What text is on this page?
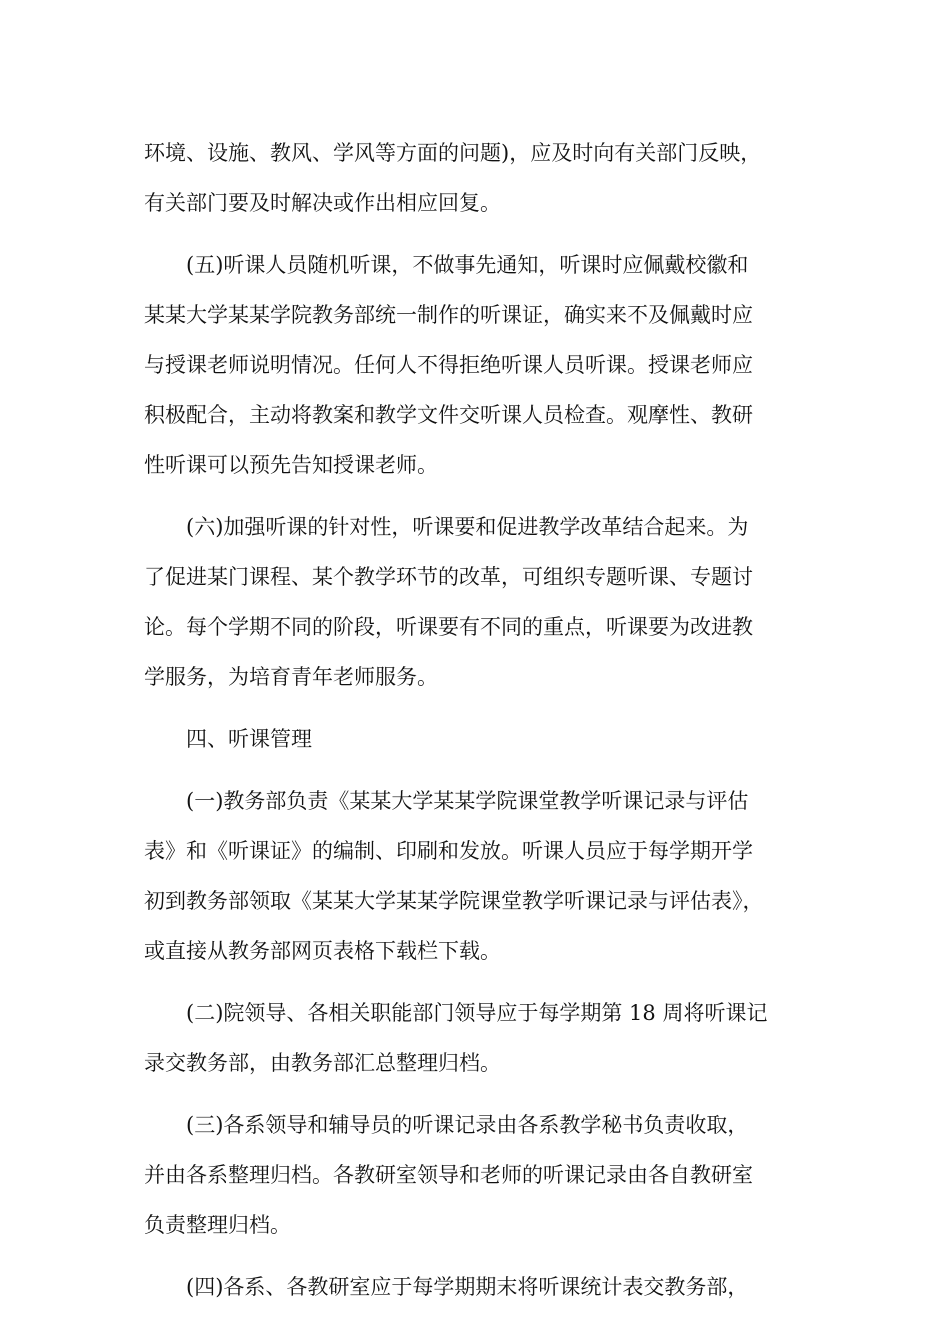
环境、设施、教风、学风等方面的问题)，应及时向有关部门反映，
有关部门要及时解决或作出相应回复。
(五)听课人员随机听课，不做事先通知，听课时应佩戴校徽和
某某大学某某学院教务部统一制作的听课证，确实来不及佩戴时应
与授课老师说明情况。任何人不得拒绝听课人员听课。授课老师应
积极配合，主动将教案和教学文件交听课人员检查。观摩性、教研
性听课可以预先告知授课老师。
(六)加强听课的针对性，听课要和促进教学改革结合起来。为
了促进某门课程、某个教学环节的改革，可组织专题听课、专题讨
论。每个学期不同的阶段，听课要有不同的重点，听课要为改进教
学服务，为培育青年老师服务。
四、听课管理
(一)教务部负责《某某大学某某学院课堂教学听课记录与评估
表》和《听课证》的编制、印刷和发放。听课人员应于每学期开学
初到教务部领取《某某大学某某学院课堂教学听课记录与评估表》，
或直接从教务部网页表格下载栏下载。
(二)院领导、各相关职能部门领导应于每学期第 18 周将听课记
录交教务部，由教务部汇总整理归档。
(三)各系领导和辅导员的听课记录由各系教学秘书负责收取，
并由各系整理归档。各教研室领导和老师的听课记录由各自教研室
负责整理归档。
(四)各系、各教研室应于每学期期末将听课统计表交教务部，
